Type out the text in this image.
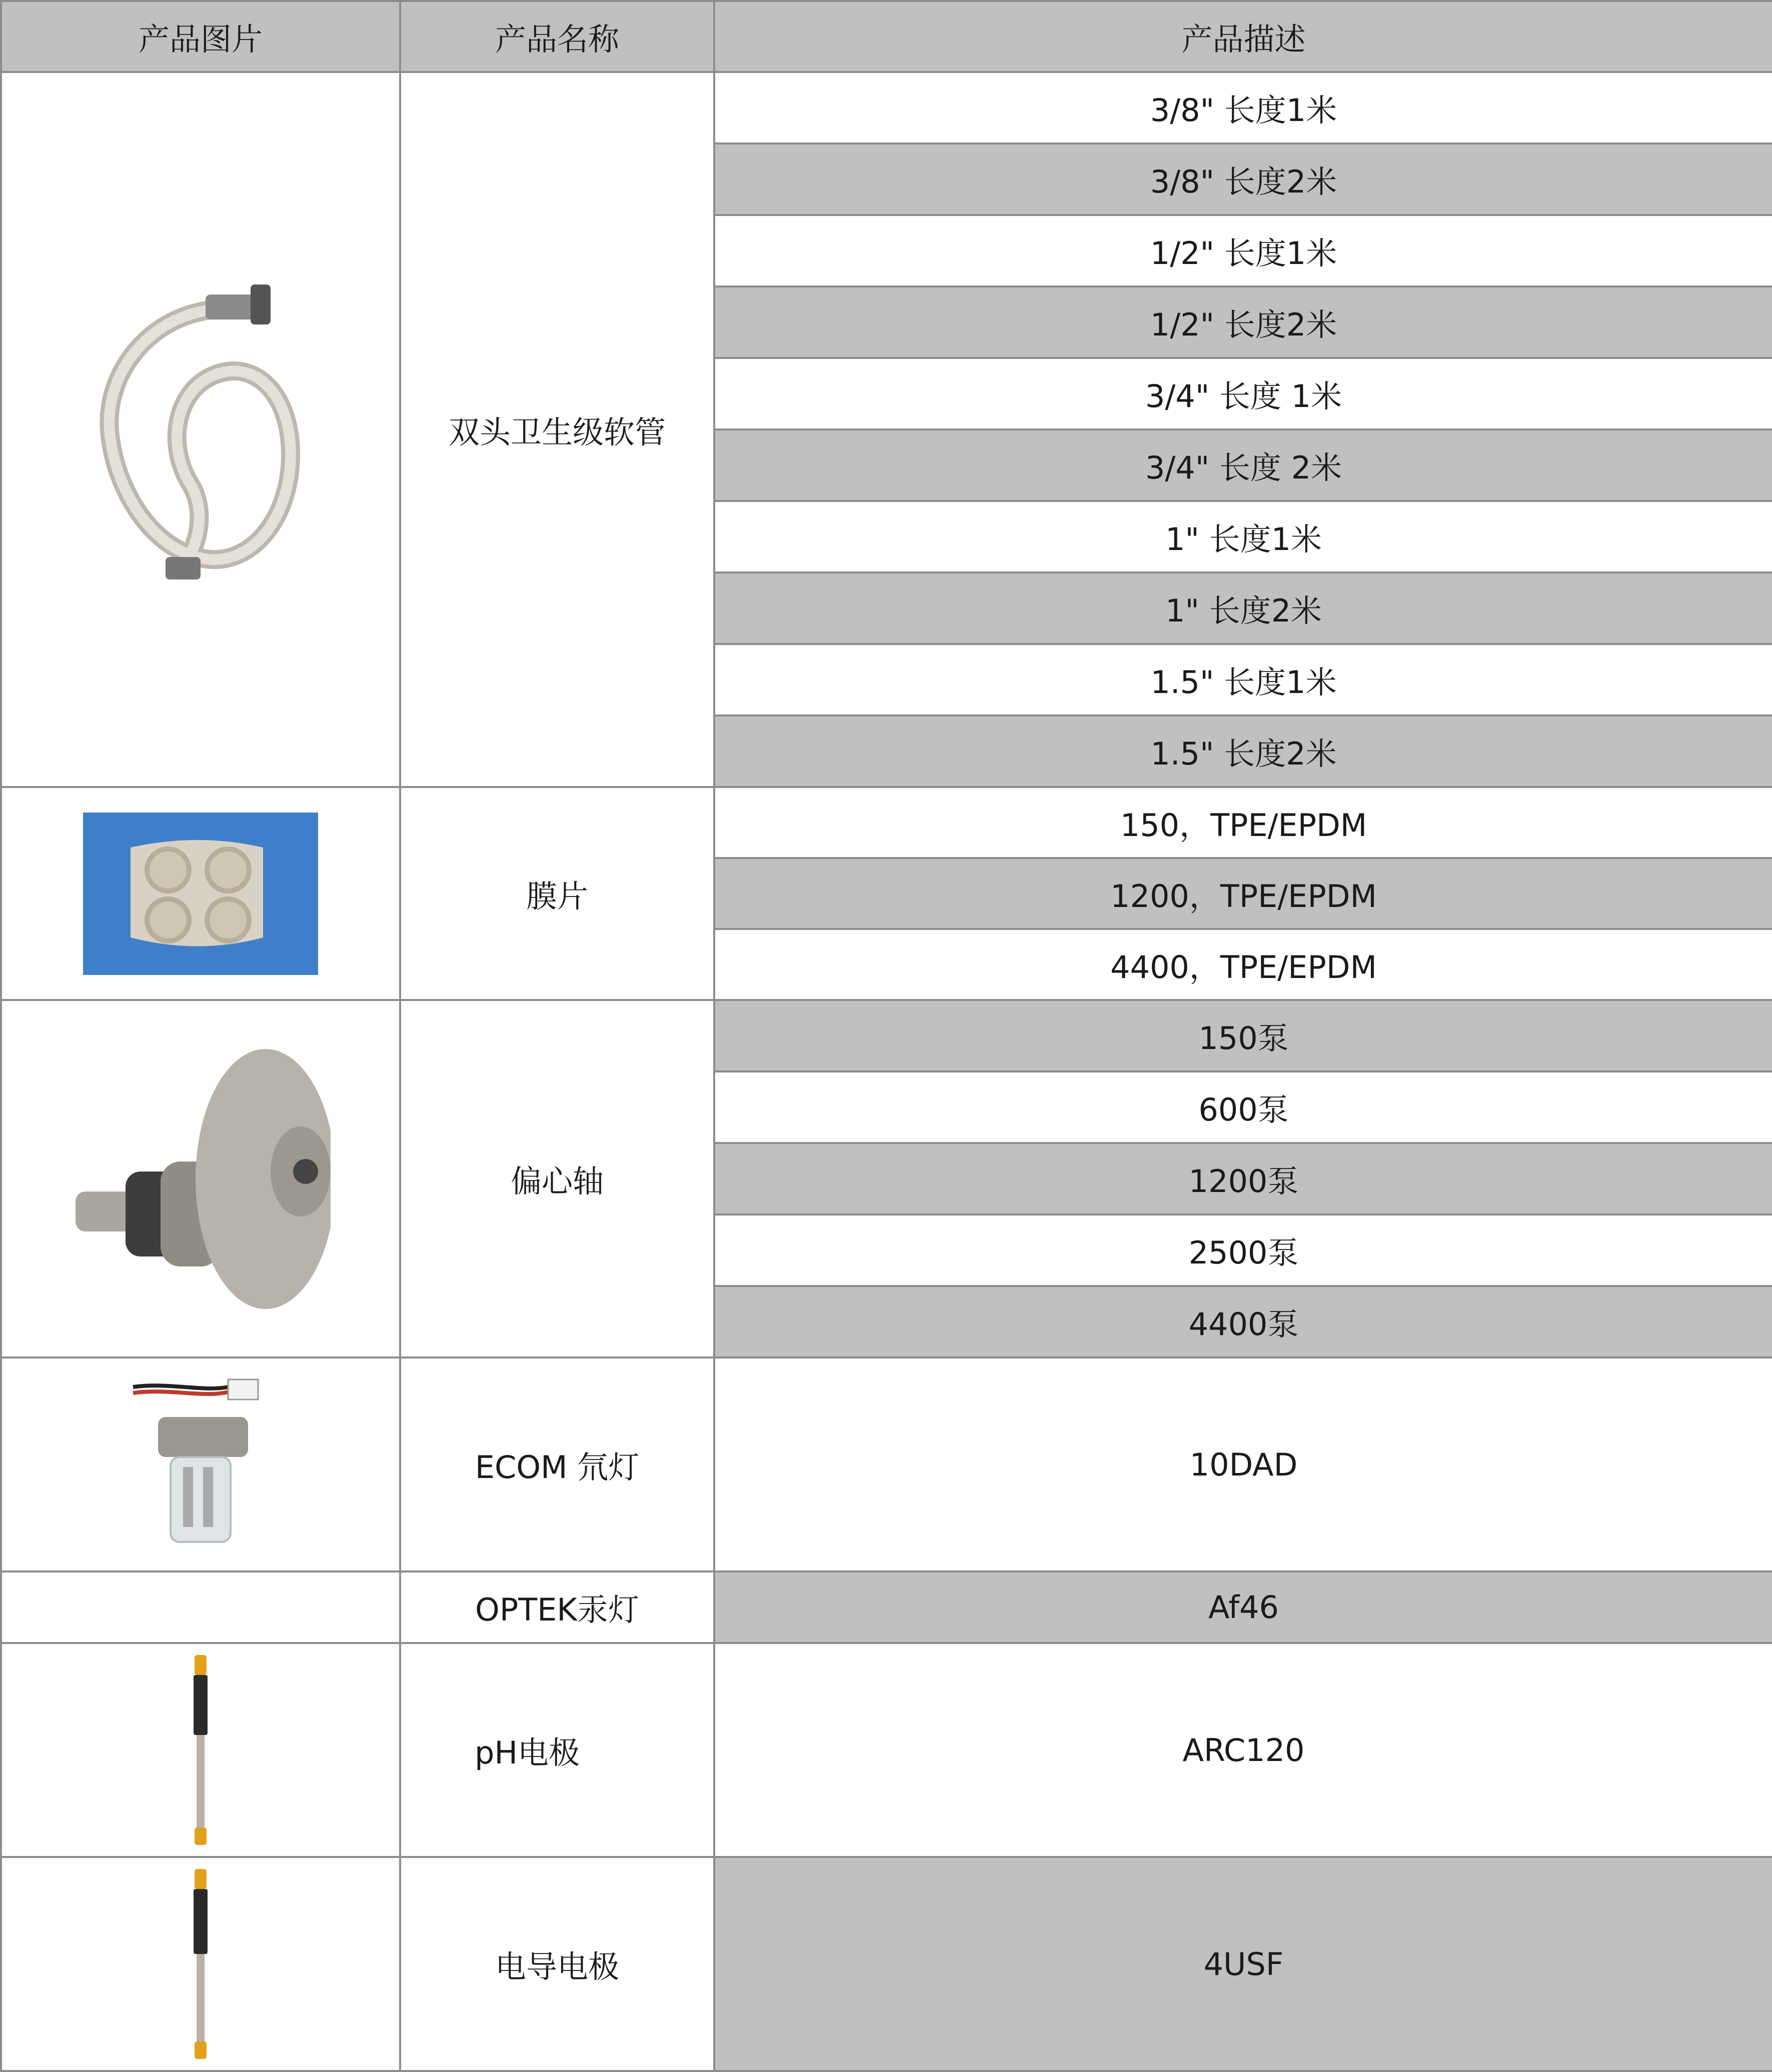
产品图片	产品名称	产品描述

	双头卫生级软管	3/8" 长度1米
		3/8" 长度2米
		1/2" 长度1米
		1/2" 长度2米
		3/4" 长度 1米
		3/4" 长度 2米
		1" 长度1米
		1" 长度2米
		1.5" 长度1米
		1.5" 长度2米

	膜片	150，TPE/EPDM
		1200，TPE/EPDM
		4400，TPE/EPDM

	偏心轴	150泵
		600泵
		1200泵
		2500泵
		4400泵

	ECOM 氘灯	10DAD
	OPTEK汞灯	Af46

	pH电极	ARC120

	电导电极	4USF
